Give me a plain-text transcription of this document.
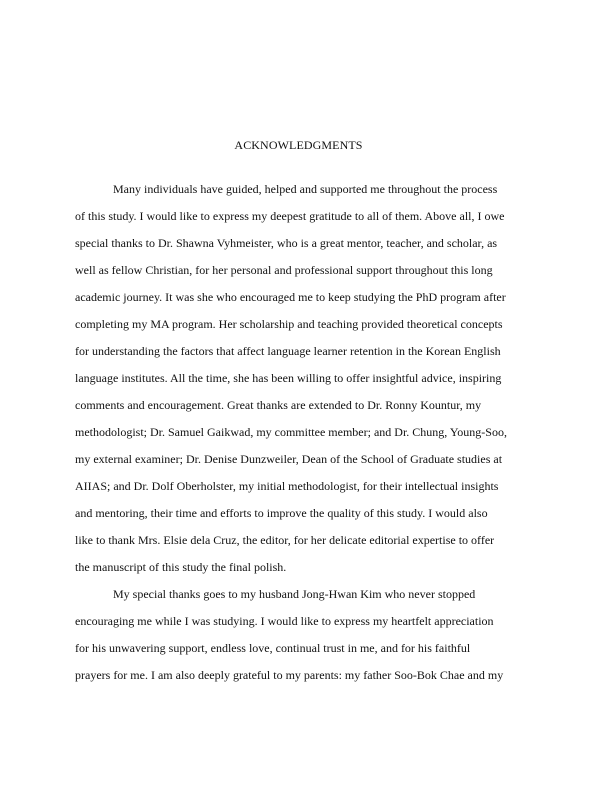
ACKNOWLEDGMENTS
Many individuals have guided, helped and supported me throughout the process
of this study. I would like to express my deepest gratitude to all of them. Above all, I owe
special thanks to Dr. Shawna Vyhmeister, who is a great mentor, teacher, and scholar, as
well as fellow Christian, for her personal and professional support throughout this long
academic journey. It was she who encouraged me to keep studying the PhD program after
completing my MA program. Her scholarship and teaching provided theoretical concepts
for understanding the factors that affect language learner retention in the Korean English
language institutes. All the time, she has been willing to offer insightful advice, inspiring
comments and encouragement. Great thanks are extended to Dr. Ronny Kountur, my
methodologist; Dr. Samuel Gaikwad, my committee member; and Dr. Chung, Young-Soo,
my external examiner; Dr. Denise Dunzweiler, Dean of the School of Graduate studies at
AIIAS; and Dr. Dolf Oberholster, my initial methodologist, for their intellectual insights
and mentoring, their time and efforts to improve the quality of this study. I would also
like to thank Mrs. Elsie dela Cruz, the editor, for her delicate editorial expertise to offer
the manuscript of this study the final polish.
My special thanks goes to my husband Jong-Hwan Kim who never stopped
encouraging me while I was studying. I would like to express my heartfelt appreciation
for his unwavering support, endless love, continual trust in me, and for his faithful
prayers for me. I am also deeply grateful to my parents: my father Soo-Bok Chae and my
